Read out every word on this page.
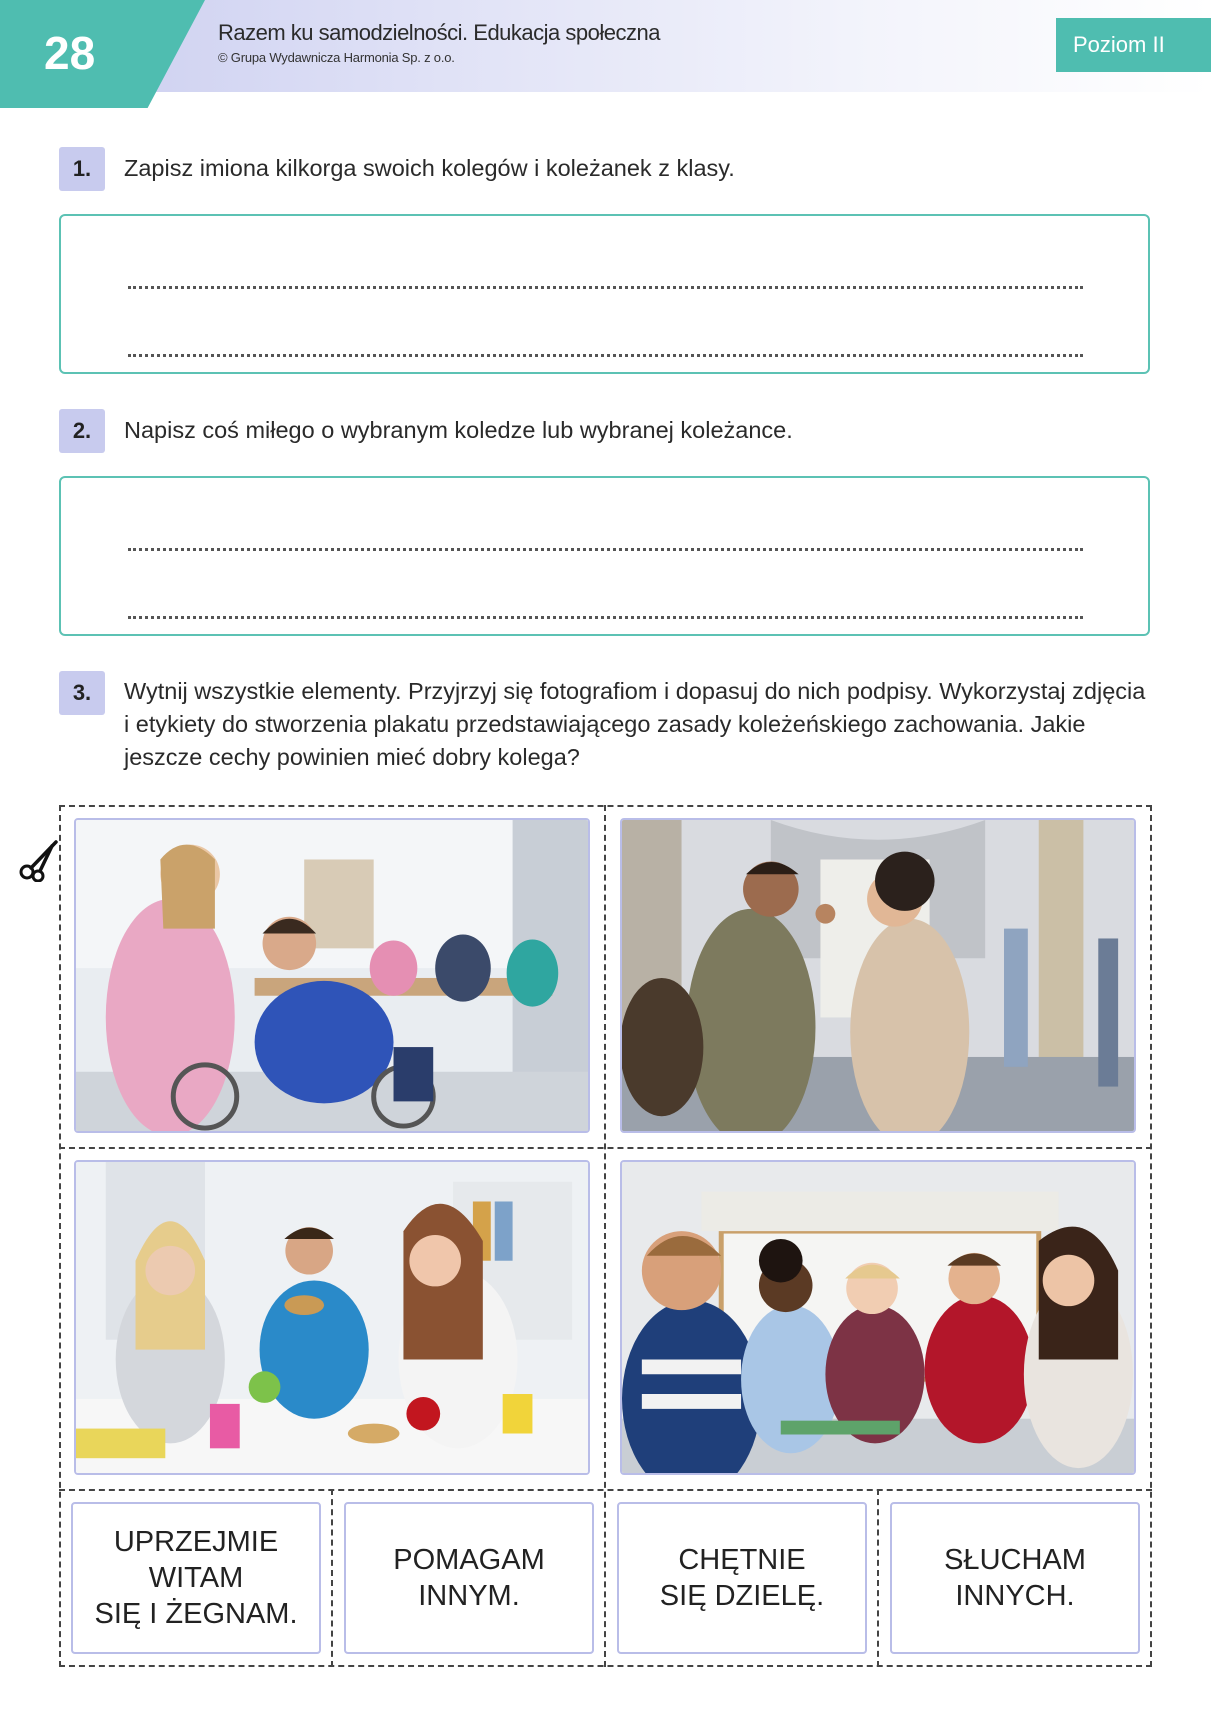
28	Razem ku samodzielności. Edukacja społeczna
© Grupa Wydawnicza Harmonia Sp. z o.o.
Poziom II
1.	Zapisz imiona kilkorga swoich kolegów i koleżanek z klasy.
2.	Napisz coś miłego o wybranym koledze lub wybranej koleżance.
3.	Wytnij wszystkie elementy. Przyjrzyj się fotografiom i dopasuj do nich podpisy. Wykorzystaj zdjęcia i etykiety do stworzenia plakatu przedstawiającego zasady koleżeńskiego zachowania. Jakie jeszcze cechy powinien mieć dobry kolega?
UPRZEJMIE WITAM
SIĘ I ŻEGNAM.
POMAGAM INNYM.
CHĘTNIE
SIĘ DZIELĘ.
SŁUCHAM
INNYCH.
